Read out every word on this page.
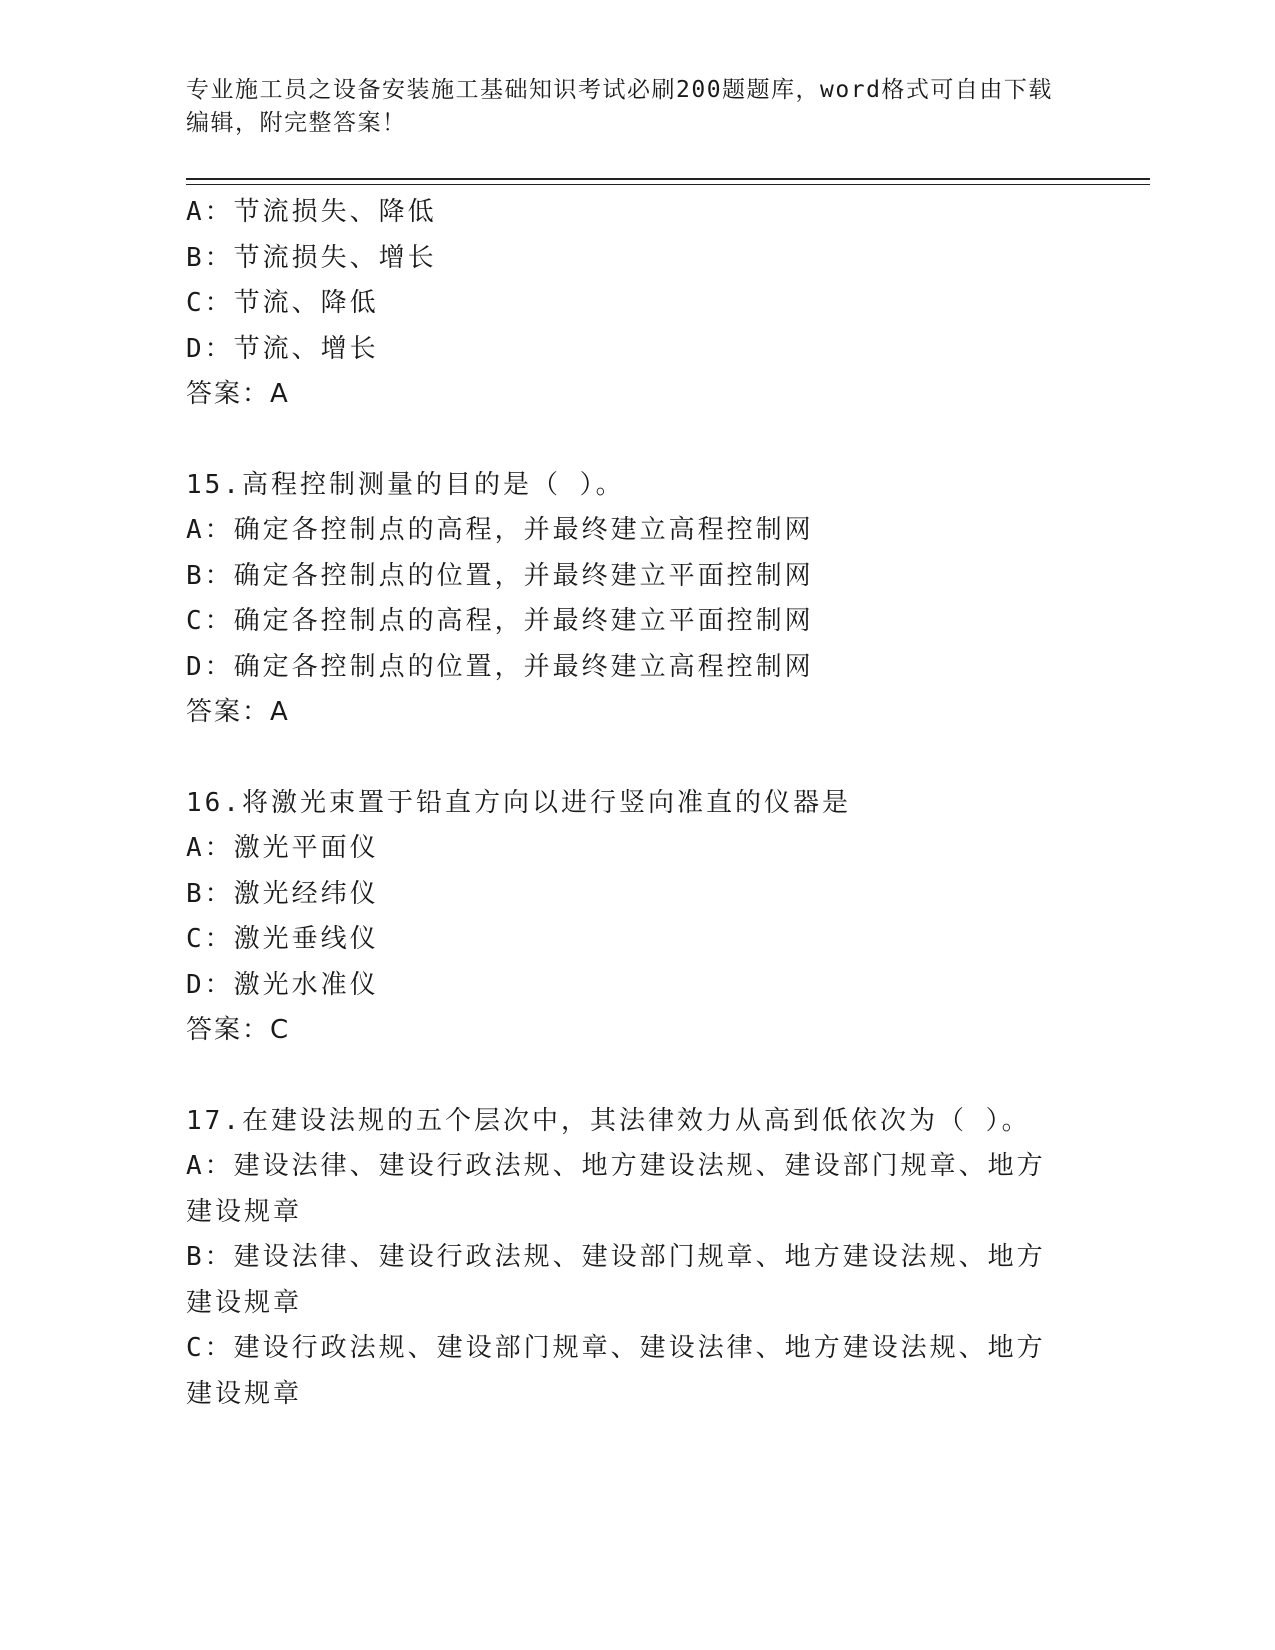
专业施工员之设备安装施工基础知识考试必刷200题题库，word格式可自由下载编辑，附完整答案！
A：节流损失、降低
B：节流损失、增长
C：节流、降低
D：节流、增长
答案：A
15.高程控制测量的目的是（ ）。
A：确定各控制点的高程，并最终建立高程控制网
B：确定各控制点的位置，并最终建立平面控制网
C：确定各控制点的高程，并最终建立平面控制网
D：确定各控制点的位置，并最终建立高程控制网
答案：A
16.将激光束置于铅直方向以进行竖向准直的仪器是
A：激光平面仪
B：激光经纬仪
C：激光垂线仪
D：激光水准仪
答案：C
17.在建设法规的五个层次中，其法律效力从高到低依次为（ ）。
A：建设法律、建设行政法规、地方建设法规、建设部门规章、地方建设规章
B：建设法律、建设行政法规、建设部门规章、地方建设法规、地方建设规章
C：建设行政法规、建设部门规章、建设法律、地方建设法规、地方建设规章
